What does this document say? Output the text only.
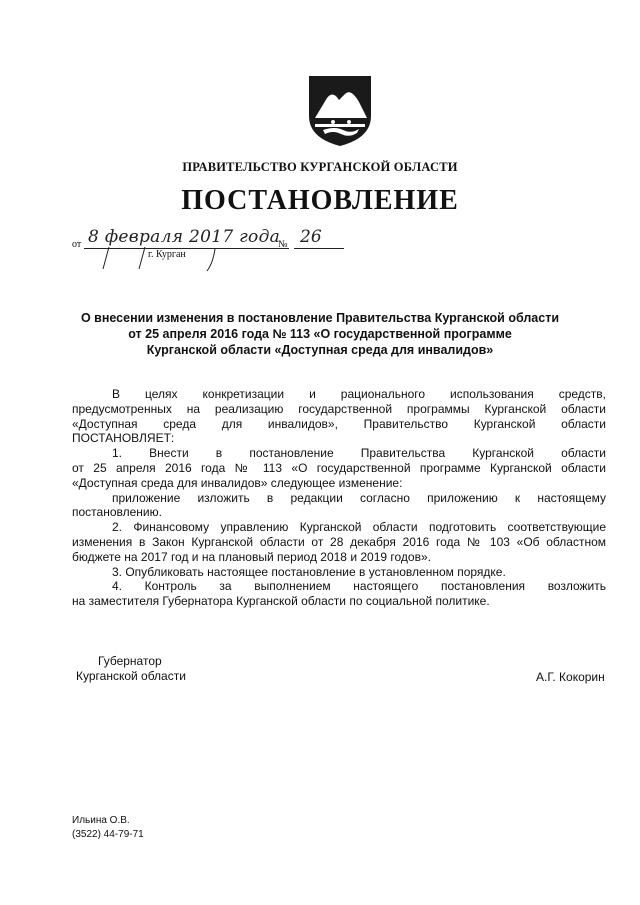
ПРАВИТЕЛЬСТВО КУРГАНСКОЙ ОБЛАСТИ
ПОСТАНОВЛЕНИЕ
от 8 февраля 2017 года
№ 26
г. Курган
О внесении изменения в постановление Правительства Курганской области
от 25 апреля 2016 года № 113 «О государственной программе
Курганской области «Доступная среда для инвалидов»
В целях конкретизации и рационального использования средств,
предусмотренных на реализацию государственной программы Курганской области
«Доступная среда для инвалидов», Правительство Курганской области
ПОСТАНОВЛЯЕТ:
1. Внести в постановление Правительства Курганской области
от 25 апреля 2016 года № 113 «О государственной программе Курганской области
«Доступная среда для инвалидов» следующее изменение:
приложение изложить в редакции согласно приложению к настоящему
постановлению.
2. Финансовому управлению Курганской области подготовить соответствующие
изменения в Закон Курганской области от 28 декабря 2016 года № 103 «Об областном
бюджете на 2017 год и на плановый период 2018 и 2019 годов».
3. Опубликовать настоящее постановление в установленном порядке.
4. Контроль за выполнением настоящего постановления возложить
на заместителя Губернатора Курганской области по социальной политике.
Губернатор
Курганской области	А.Г. Кокорин
Ильина О.В.
(3522) 44-79-71
